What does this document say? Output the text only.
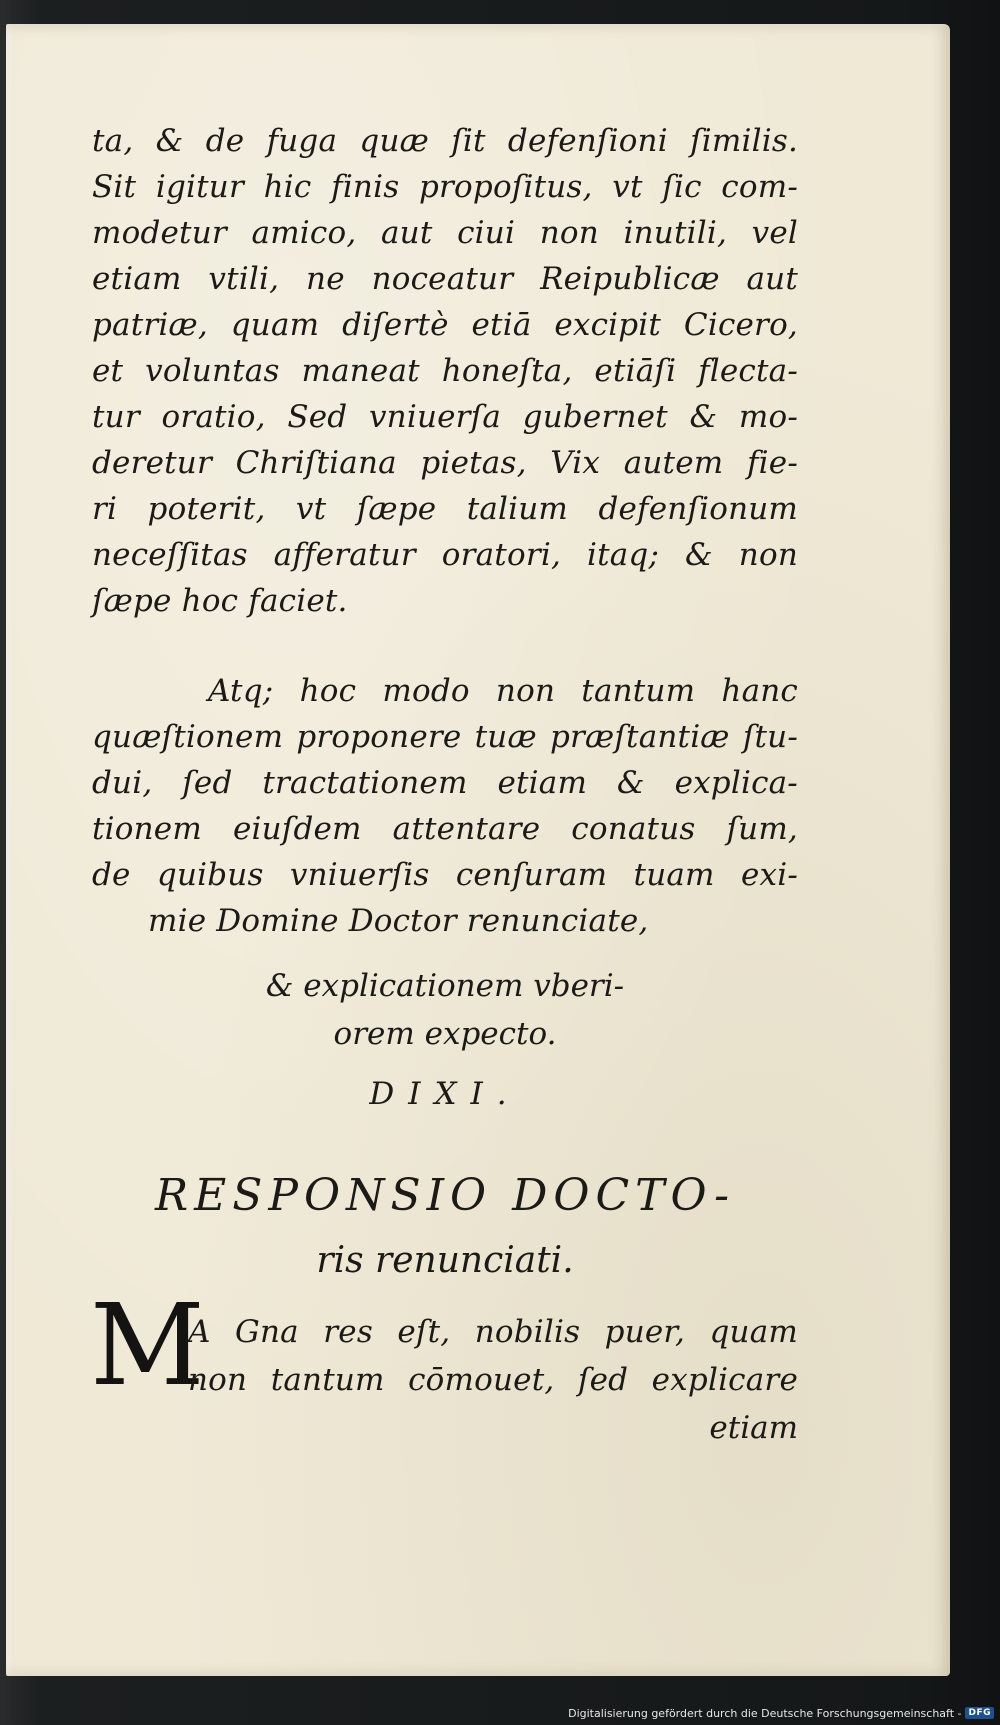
ta, & de fuga quæ ſit defenſioni ſimilis.
Sit igitur hic finis propoſitus, vt ſic com-
modetur amico, aut ciui non inutili, vel
etiam vtili, ne noceatur Reipublicæ aut
patriæ, quam diſertè etiā excipit Cicero,
et voluntas maneat honeſta, etiāſi flecta-
tur oratio, Sed vniuerſa gubernet & mo-
deretur Chriſtiana pietas, Vix autem fie-
ri poterit, vt ſæpe talium defenſionum
neceſſitas afferatur oratori, itaq; & non
ſæpe hoc faciet.
Atq; hoc modo non tantum hanc
quæſtionem proponere tuæ præſtantiæ ſtu-
dui, ſed tractationem etiam & explica-
tionem eiuſdem attentare conatus ſum,
de quibus vniuerſis cenſuram tuam exi-
mie Domine Doctor renunciate,
& explicationem vberi-
orem expecto.
DIXI.
RESPONSIO DOCTO-
ris renunciati.
M
A Gna res eſt, nobilis puer, quam
non tantum cōmouet, ſed explicare
etiam
Digitalisierung gefördert durch die Deutsche Forschungsgemeinschaft - DFG
